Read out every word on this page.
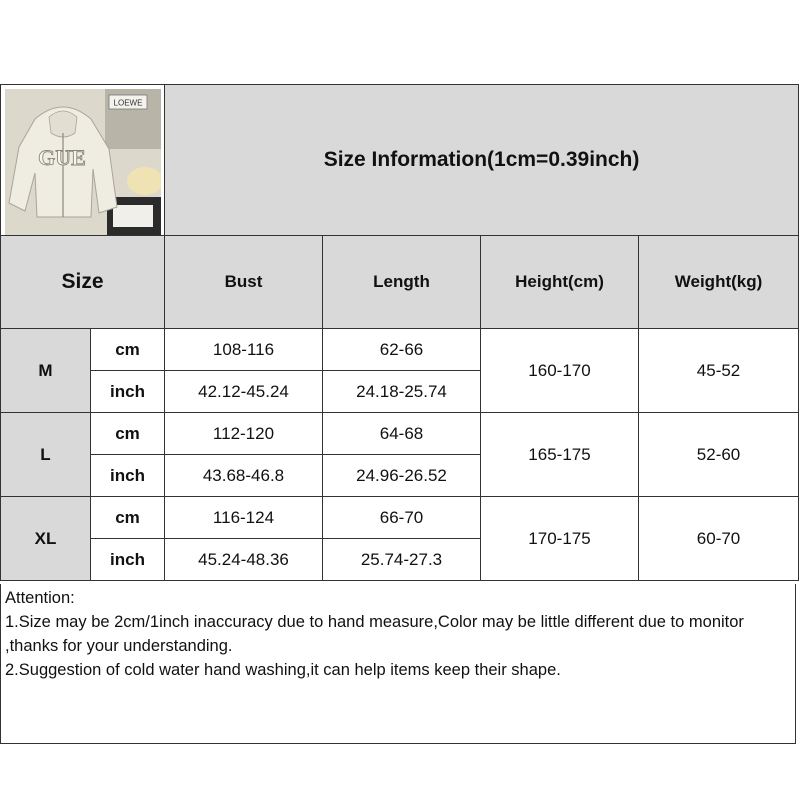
LOEWE
GUE		Size Information(1cm=0.39inch)			
Size		Bust	Length	Height(cm)	Weight(kg)
M	cm	108-116	62-66	160-170	45-52
	inch	42.12-45.24	24.18-25.74		
L	cm	112-120	64-68	165-175	52-60
	inch	43.68-46.8	24.96-26.52		
XL	cm	116-124	66-70	170-175	60-70
	inch	45.24-48.36	25.74-27.3		

Attention:

1.Size may be 2cm/1inch inaccuracy due to hand measure,Color may be little different due to monitor ,thanks for your understanding.

2.Suggestion of cold water hand washing,it can help items keep their shape.
